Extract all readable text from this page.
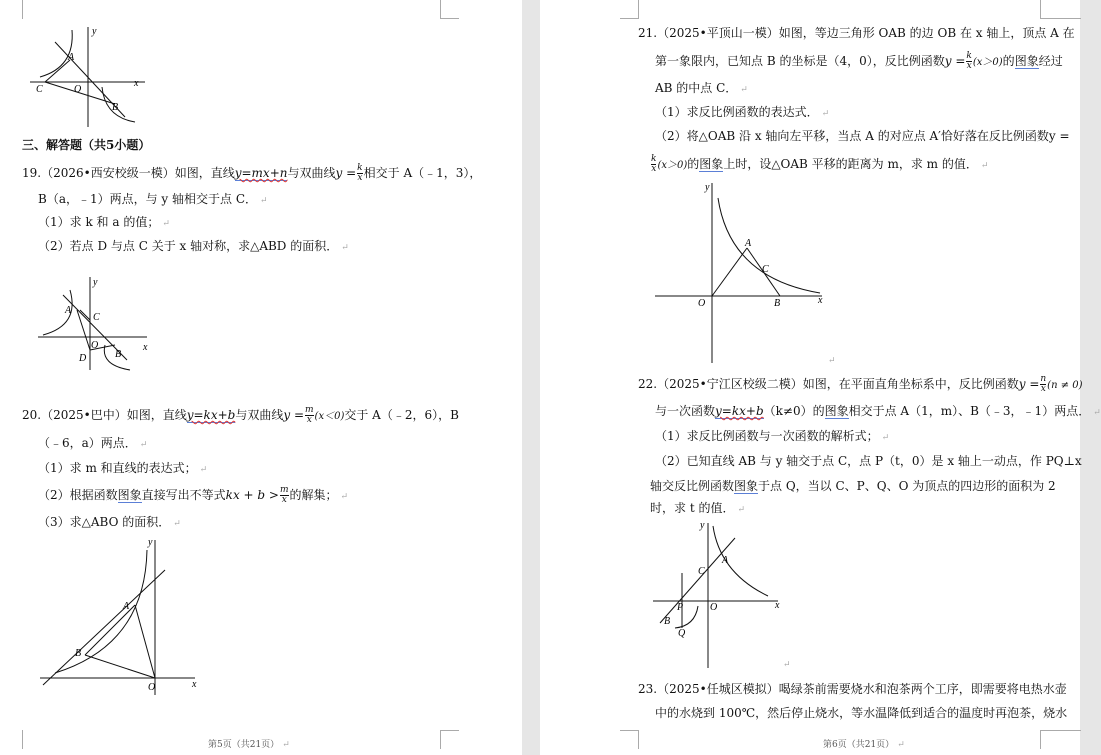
y
A
C	O
x
B
三、解答题（共5小题）
19.（2026•西安校级一模）如图，直线y=mx+n与双曲线$y = \frac{k}{x}$ 相交于 A（﹣1，3），
B（a，﹣1）两点，与 y 轴相交于点 C． ↵
（1）求 k 和 a 的值； ↵
（2）若点 D 与点 C 关于 x 轴对称，求△ABD 的面积． ↵
y
A
C
O	x
D	B
20.（2025•巴中）如图，直线y=kx+b与双曲线$y = \frac{m}{x} (x<0)$交于 A（﹣2，6），B
（﹣6，a）两点． ↵
（1）求 m 和直线的表达式； ↵
（2）根据函数图象直接写出不等式kx + $b > \frac{m}{x}$ 的解集； ↵
（3）求△ABO 的面积． ↵
y
A
B
O	x
第5页（共21页） ↵
21.（2025•平顶山一模）如图，等边三角形 OAB 的边 OB 在 x 轴上，顶点 A 在
第一象限内，已知点 B 的坐标是（4，0），反比例函数$y = \frac{k}{x} (x>0)$的图象经过
AB 的中点 C． ↵
（1）求反比例函数的表达式． ↵
（2）将△OAB 沿 x 轴向左平移，当点 A 的对应点 A′恰好落在反比例函数y =
$\frac{k}{x} (x>0)$的图象上时，设△OAB 平移的距离为 m，求 m 的值． ↵
y
A
C
O	B	x
↵
22.（2025•宁江区校级二模）如图，在平面直角坐标系中，反比例函数$y = \frac{n}{x} (n \ne 0)$
与一次函数y=kx+b（k≠0）的图象相交于点 A（1，m）、B（﹣3，﹣1）两点． ↵
（1）求反比例函数与一次函数的解析式； ↵
（2）已知直线 AB 与 y 轴交于点 C，点 P（t，0）是 x 轴上一动点，作 PQ⊥x
轴交反比例函数图象于点 Q，当以 C、P、Q、O 为顶点的四边形的面积为 2
时，求 t 的值． ↵
y
A
C
P	O	x
B
Q
↵
23.（2025•任城区模拟）喝绿茶前需要烧水和泡茶两个工序，即需要将电热水壶
中的水烧到 100℃，然后停止烧水，等水温降低到适合的温度时再泡茶，烧水
第6页（共21页） ↵
